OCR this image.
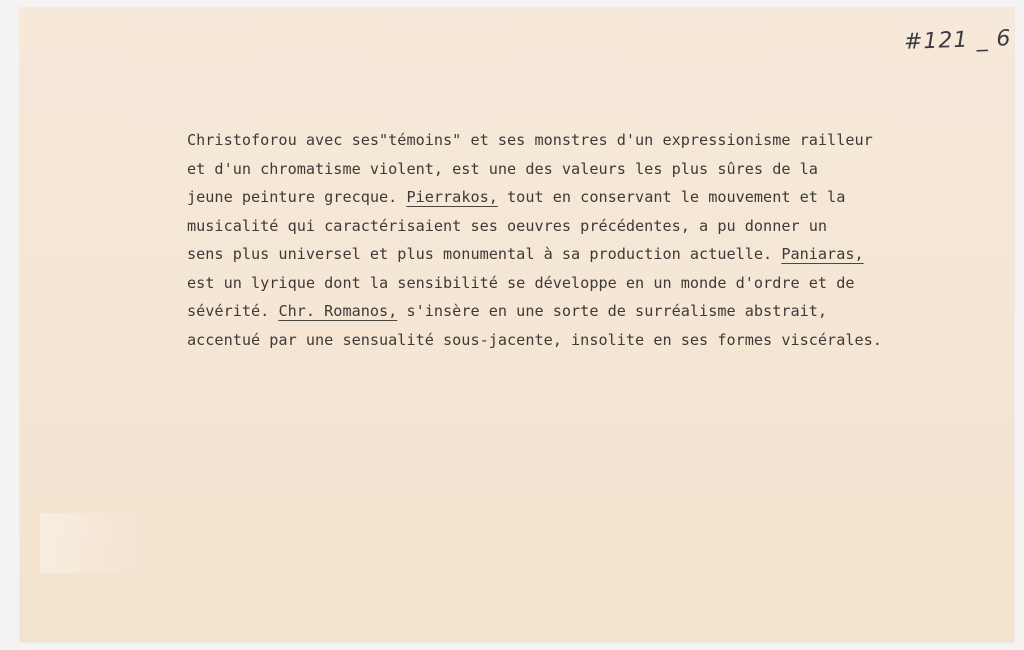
#121 _ 6
Christoforou avec ses"témoins" et ses monstres d'un expressionisme railleur
et d'un chromatisme violent, est une des valeurs les plus sûres de la
jeune peinture grecque. Pierrakos, tout en conservant le mouvement et la
musicalité qui caractérisaient ses oeuvres précédentes, a pu donner un
sens plus universel et plus monumental à sa production actuelle. Paniaras,
est un lyrique dont la sensibilité se développe en un monde d'ordre et de
sévérité. Chr. Romanos, s'insère en une sorte de surréalisme abstrait,
accentué par une sensualité sous-jacente, insolite en ses formes viscérales.
